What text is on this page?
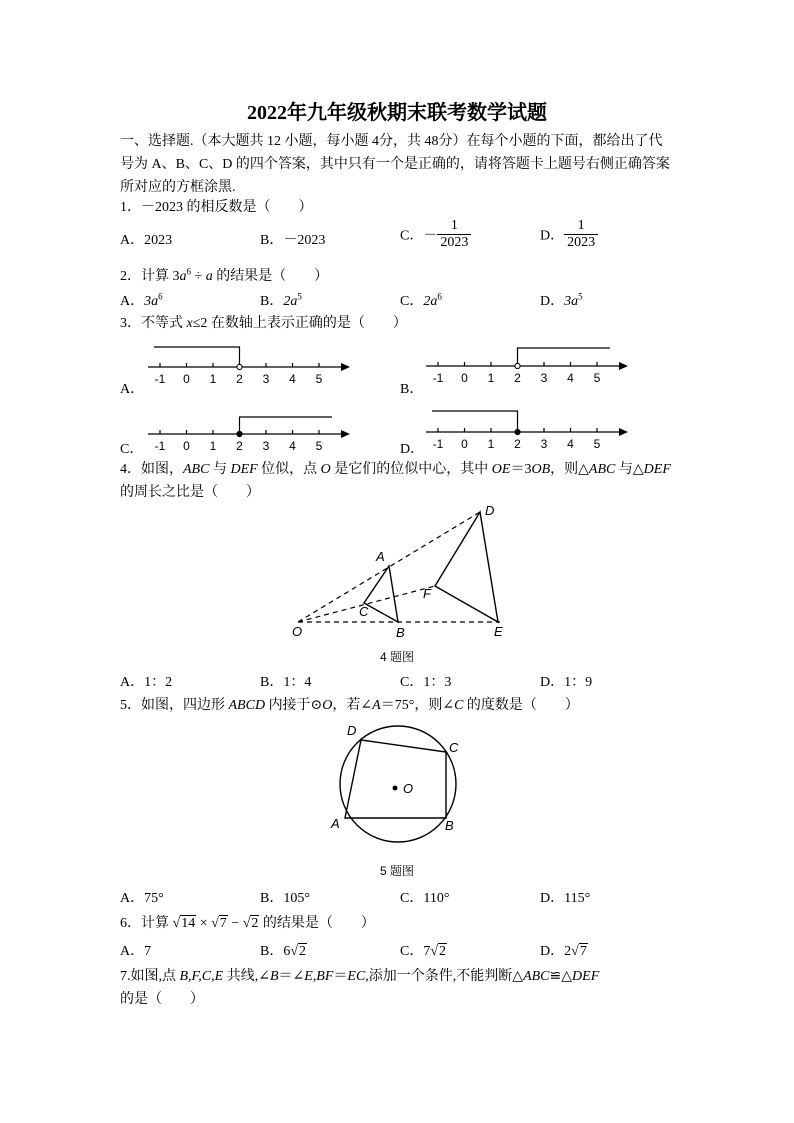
2022年九年级秋期末联考数学试题
一、选择题.（本大题共 12 小题，每小题 4分，共 48分）在每个小题的下面，都给出了代
号为 A、B、C、D 的四个答案，其中只有一个是正确的，请将答题卡上题号右侧正确答案
所对应的方框涂黑.
1．－2023 的相反数是（　　）
A．2023	B．－2023	C．－ $\frac{1}{2023}$	D． $\frac{1}{2023}$
2．计算 $3a^6 \div a$ 的结果是（　　）
A．$3a^6$	B．$2a^5$	C．$2a^6$	D．$3a^5$
3．不等式 x≤2 在数轴上表示正确的是（　　）
A．	B．
C．	D．
-1 0 1 2 3 4 5	-1 0 1 2 3 4 5
-1 0 1 2 3 4 5	-1 0 1 2 3 4 5
4．如图，ABC 与 DEF 位似，点 O 是它们的位似中心，其中 OE＝3OB，则△ABC 与△DEF
的周长之比是（　　）
D
A
F
C
O	B	E
4 题图
A．1：2	B．1：4	C．1：3	D．1：9
5．如图，四边形 ABCD 内接于⊙O，若∠A＝75°，则∠C 的度数是（　　）
O
D
C
A	B
5 题图
A．75°	B．105°	C．110°	D．115°
6．计算 √14 × √7 − √2 的结果是（　　）
A．7	B．6√2	C．7√2	D．2√7
7.如图,点 B,F,C,E 共线,∠B＝∠E,BF＝EC,添加一个条件,不能判断△ABC≌△DEF
的是（　　）
